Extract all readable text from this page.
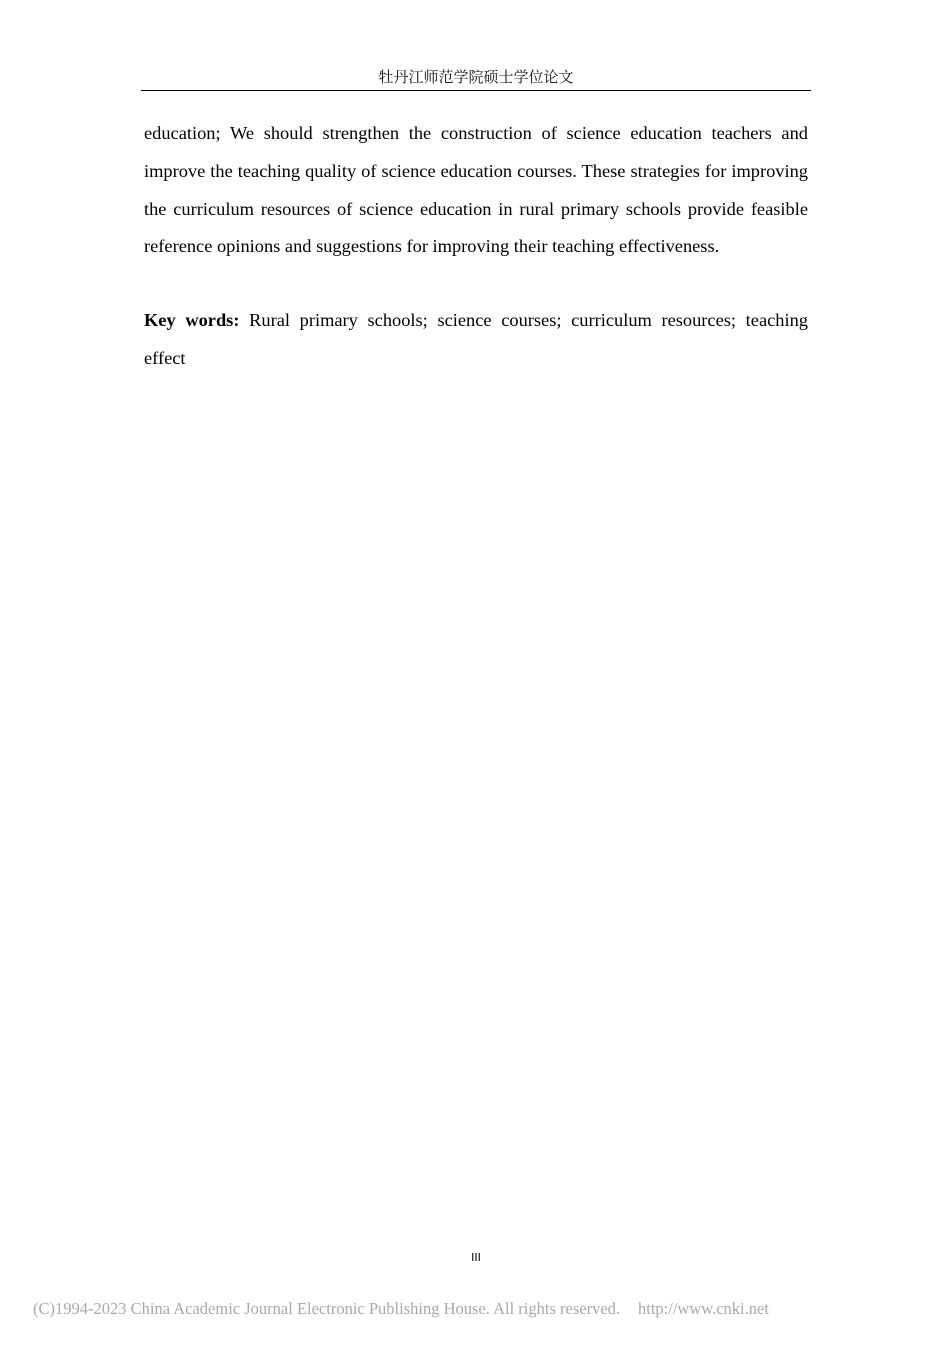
牡丹江师范学院硕士学位论文

education; We should strengthen the construction of science education teachers and improve the teaching quality of science education courses. These strategies for improving the curriculum resources of science education in rural primary schools provide feasible reference opinions and suggestions for improving their teaching effectiveness.

Key words: Rural primary schools; science courses; curriculum resources; teaching effect

III
(C)1994-2023 China Academic Journal Electronic Publishing House. All rights reserved. http://www.cnki.net
